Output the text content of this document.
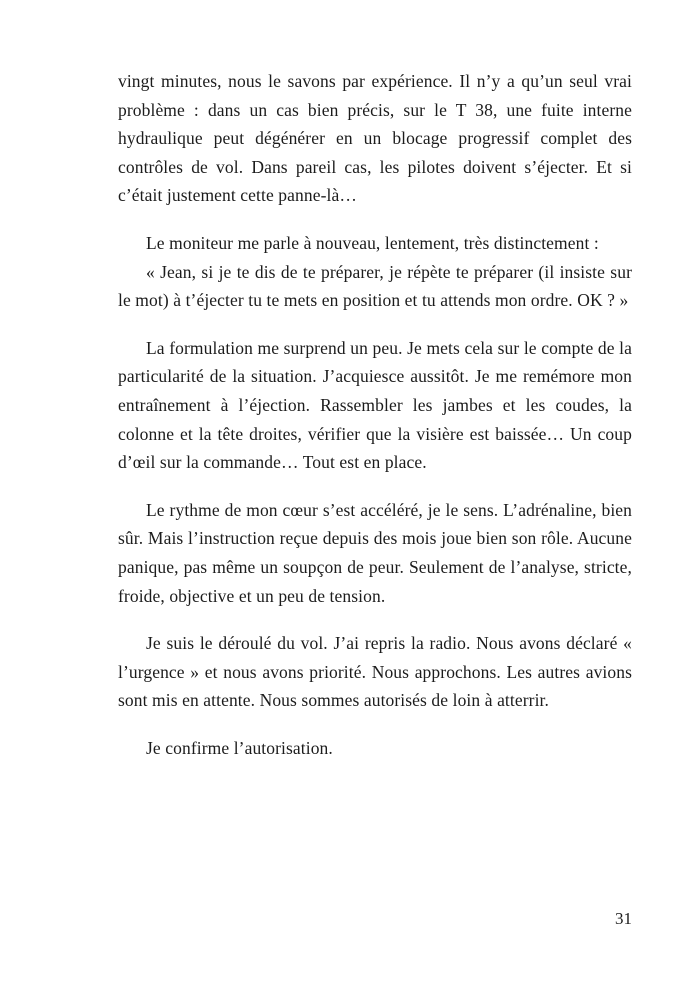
vingt minutes, nous le savons par expérience. Il n’y a qu’un seul vrai problème : dans un cas bien précis, sur le T 38, une fuite interne hydraulique peut dégénérer en un blocage progressif complet des contrôles de vol. Dans pareil cas, les pilotes doivent s’éjecter. Et si c’était justement cette panne-là…

Le moniteur me parle à nouveau, lentement, très distinctement :

« Jean, si je te dis de te préparer, je répète te préparer (il insiste sur le mot) à t’éjecter tu te mets en position et tu attends mon ordre. OK ? »

La formulation me surprend un peu. Je mets cela sur le compte de la particularité de la situation. J’acquiesce aussitôt. Je me remémore mon entraînement à l’éjection. Rassembler les jambes et les coudes, la colonne et la tête droites, vérifier que la visière est baissée… Un coup d’œil sur la commande… Tout est en place.

Le rythme de mon cœur s’est accéléré, je le sens. L’adrénaline, bien sûr. Mais l’instruction reçue depuis des mois joue bien son rôle. Aucune panique, pas même un soupçon de peur. Seulement de l’analyse, stricte, froide, objective et un peu de tension.

Je suis le déroulé du vol. J’ai repris la radio. Nous avons déclaré « l’urgence » et nous avons priorité. Nous approchons. Les autres avions sont mis en attente. Nous sommes autorisés de loin à atterrir.

Je confirme l’autorisation.

31
